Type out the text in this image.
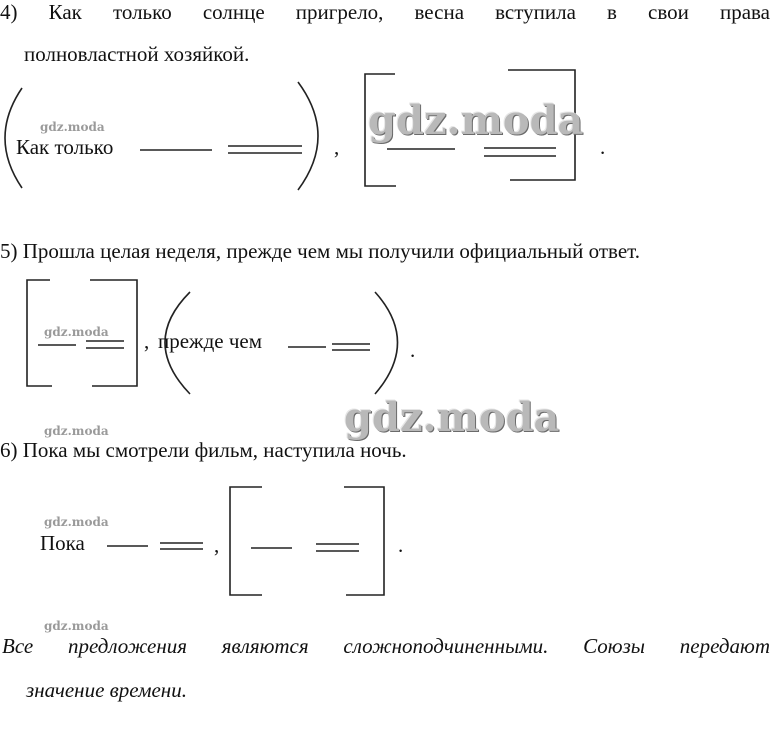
4) Как только солнце пригрело, весна вступила в свои права
полновластной хозяйкой.
Как только	,	.
gdz.moda	gdz.moda
5) Прошла целая неделя, прежде чем мы получили официальный ответ.
gdz.moda , прежде чем	.
gdz.moda
gdz.moda
6) Пока мы смотрели фильм, наступила ночь.
gdz.moda
Пока	,	.
gdz.moda
Все предложения являются сложноподчиненными. Союзы передают
значение времени.
